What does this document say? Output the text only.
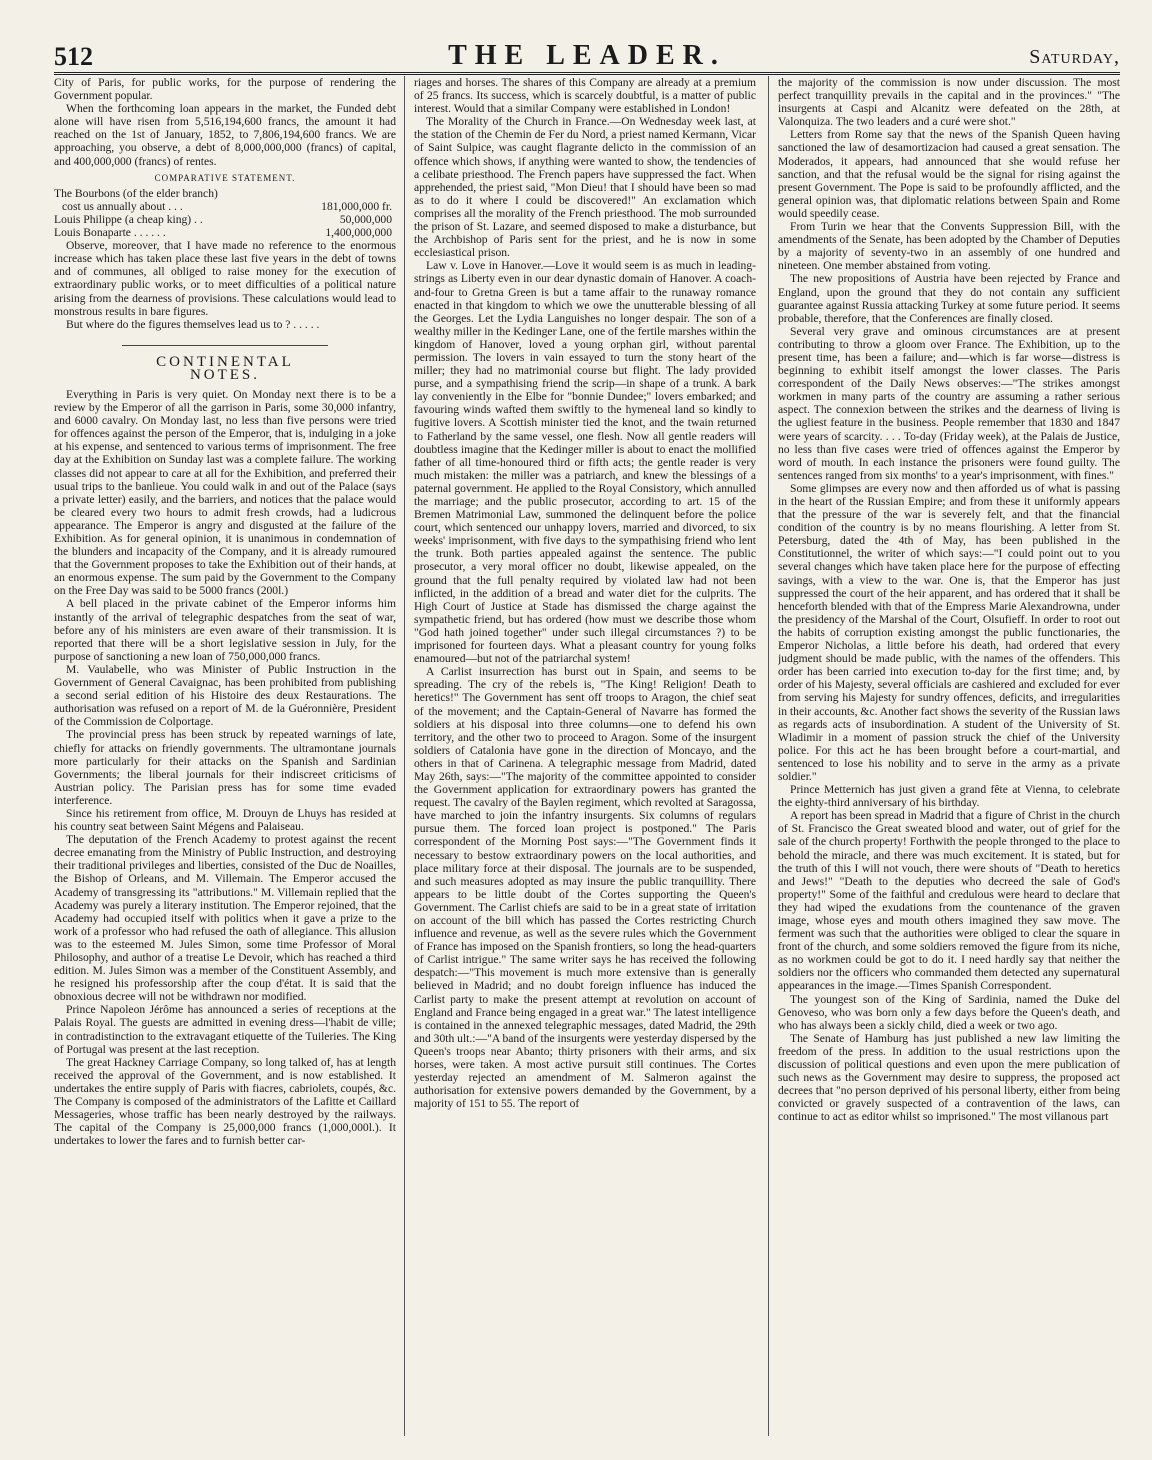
512	THE LEADER.	Saturday,

City of Paris, for public works, for the purpose of rendering the Government popular.

When the forthcoming loan appears in the market, the Funded debt alone will have risen from 5,516,194,600 francs, the amount it had reached on the 1st of January, 1852, to 7,806,194,600 francs. We are approaching, you observe, a debt of 8,000,000,000 (francs) of capital, and 400,000,000 (francs) of rentes.

COMPARATIVE STATEMENT.
The Bourbons (of the elder branch)	
cost us annually about . . .	181,000,000 fr.
Louis Philippe (a cheap king) . .	50,000,000
Louis Bonaparte . . . . . .	1,400,000,000

Observe, moreover, that I have made no reference to the enormous increase which has taken place these last five years in the debt of towns and of communes, all obliged to raise money for the execution of extraordinary public works, or to meet difficulties of a political nature arising from the dearness of provisions. These calculations would lead to monstrous results in bare figures.

But where do the figures themselves lead us to ? . . . . .

CONTINENTAL NOTES.

Everything in Paris is very quiet. On Monday next there is to be a review by the Emperor of all the garrison in Paris, some 30,000 infantry, and 6000 cavalry. On Monday last, no less than five persons were tried for offences against the person of the Emperor, that is, indulging in a joke at his expense, and sentenced to various terms of imprisonment. The free day at the Exhibition on Sunday last was a complete failure. The working classes did not appear to care at all for the Exhibition, and preferred their usual trips to the banlieue. You could walk in and out of the Palace (says a private letter) easily, and the barriers, and notices that the palace would be cleared every two hours to admit fresh crowds, had a ludicrous appearance. The Emperor is angry and disgusted at the failure of the Exhibition. As for general opinion, it is unanimous in condemnation of the blunders and incapacity of the Company, and it is already rumoured that the Government proposes to take the Exhibition out of their hands, at an enormous expense. The sum paid by the Government to the Company on the Free Day was said to be 5000 francs (200l.)

A bell placed in the private cabinet of the Emperor informs him instantly of the arrival of telegraphic despatches from the seat of war, before any of his ministers are even aware of their transmission. It is reported that there will be a short legislative session in July, for the purpose of sanctioning a new loan of 750,000,000 francs.

M. Vaulabelle, who was Minister of Public Instruction in the Government of General Cavaignac, has been prohibited from publishing a second serial edition of his Histoire des deux Restaurations. The authorisation was refused on a report of M. de la Guéronnière, President of the Commission de Colportage.

The provincial press has been struck by repeated warnings of late, chiefly for attacks on friendly governments. The ultramontane journals more particularly for their attacks on the Spanish and Sardinian Governments; the liberal journals for their indiscreet criticisms of Austrian policy. The Parisian press has for some time evaded interference.

Since his retirement from office, M. Drouyn de Lhuys has resided at his country seat between Saint Mégens and Palaiseau.

The deputation of the French Academy to protest against the recent decree emanating from the Ministry of Public Instruction, and destroying their traditional privileges and liberties, consisted of the Duc de Noailles, the Bishop of Orleans, and M. Villemain. The Emperor accused the Academy of transgressing its "attributions." M. Villemain replied that the Academy was purely a literary institution. The Emperor rejoined, that the Academy had occupied itself with politics when it gave a prize to the work of a professor who had refused the oath of allegiance. This allusion was to the esteemed M. Jules Simon, some time Professor of Moral Philosophy, and author of a treatise Le Devoir, which has reached a third edition. M. Jules Simon was a member of the Constituent Assembly, and he resigned his professorship after the coup d'état. It is said that the obnoxious decree will not be withdrawn nor modified.

Prince Napoleon Jérôme has announced a series of receptions at the Palais Royal. The guests are admitted in evening dress—l'habit de ville; in contradistinction to the extravagant etiquette of the Tuileries. The King of Portugal was present at the last reception.

The great Hackney Carriage Company, so long talked of, has at length received the approval of the Government, and is now established. It undertakes the entire supply of Paris with fiacres, cabriolets, coupés, &c. The Company is composed of the administrators of the Lafitte et Caillard Messageries, whose traffic has been nearly destroyed by the railways. The capital of the Company is 25,000,000 francs (1,000,000l.). It undertakes to lower the fares and to furnish better car-

riages and horses. The shares of this Company are already at a premium of 25 francs. Its success, which is scarcely doubtful, is a matter of public interest. Would that a similar Company were established in London!

The Morality of the Church in France.—On Wednesday week last, at the station of the Chemin de Fer du Nord, a priest named Kermann, Vicar of Saint Sulpice, was caught flagrante delicto in the commission of an offence which shows, if anything were wanted to show, the tendencies of a celibate priesthood. The French papers have suppressed the fact. When apprehended, the priest said, "Mon Dieu! that I should have been so mad as to do it where I could be discovered!" An exclamation which comprises all the morality of the French priesthood. The mob surrounded the prison of St. Lazare, and seemed disposed to make a disturbance, but the Archbishop of Paris sent for the priest, and he is now in some ecclesiastical prison.

Law v. Love in Hanover.—Love it would seem is as much in leading-strings as Liberty even in our dear dynastic domain of Hanover. A coach-and-four to Gretna Green is but a tame affair to the runaway romance enacted in that kingdom to which we owe the unutterable blessing of all the Georges. Let the Lydia Languishes no longer despair. The son of a wealthy miller in the Kedinger Lane, one of the fertile marshes within the kingdom of Hanover, loved a young orphan girl, without parental permission. The lovers in vain essayed to turn the stony heart of the miller; they had no matrimonial course but flight. The lady provided purse, and a sympathising friend the scrip—in shape of a trunk. A bark lay conveniently in the Elbe for "bonnie Dundee;" lovers embarked; and favouring winds wafted them swiftly to the hymeneal land so kindly to fugitive lovers. A Scottish minister tied the knot, and the twain returned to Fatherland by the same vessel, one flesh. Now all gentle readers will doubtless imagine that the Kedinger miller is about to enact the mollified father of all time-honoured third or fifth acts; the gentle reader is very much mistaken: the miller was a patriarch, and knew the blessings of a paternal government. He applied to the Royal Consistory, which annulled the marriage; and the public prosecutor, according to art. 15 of the Bremen Matrimonial Law, summoned the delinquent before the police court, which sentenced our unhappy lovers, married and divorced, to six weeks' imprisonment, with five days to the sympathising friend who lent the trunk. Both parties appealed against the sentence. The public prosecutor, a very moral officer no doubt, likewise appealed, on the ground that the full penalty required by violated law had not been inflicted, in the addition of a bread and water diet for the culprits. The High Court of Justice at Stade has dismissed the charge against the sympathetic friend, but has ordered (how must we describe those whom "God hath joined together" under such illegal circumstances ?) to be imprisoned for fourteen days. What a pleasant country for young folks enamoured—but not of the patriarchal system!

A Carlist insurrection has burst out in Spain, and seems to be spreading. The cry of the rebels is, "The King! Religion! Death to heretics!" The Government has sent off troops to Aragon, the chief seat of the movement; and the Captain-General of Navarre has formed the soldiers at his disposal into three columns—one to defend his own territory, and the other two to proceed to Aragon. Some of the insurgent soldiers of Catalonia have gone in the direction of Moncayo, and the others in that of Carinena. A telegraphic message from Madrid, dated May 26th, says:—"The majority of the committee appointed to consider the Government application for extraordinary powers has granted the request. The cavalry of the Baylen regiment, which revolted at Saragossa, have marched to join the infantry insurgents. Six columns of regulars pursue them. The forced loan project is postponed." The Paris correspondent of the Morning Post says:—"The Government finds it necessary to bestow extraordinary powers on the local authorities, and place military force at their disposal. The journals are to be suspended, and such measures adopted as may insure the public tranquillity. There appears to be little doubt of the Cortes supporting the Queen's Government. The Carlist chiefs are said to be in a great state of irritation on account of the bill which has passed the Cortes restricting Church influence and revenue, as well as the severe rules which the Government of France has imposed on the Spanish frontiers, so long the head-quarters of Carlist intrigue." The same writer says he has received the following despatch:—"This movement is much more extensive than is generally believed in Madrid; and no doubt foreign influence has induced the Carlist party to make the present attempt at revolution on account of England and France being engaged in a great war." The latest intelligence is contained in the annexed telegraphic messages, dated Madrid, the 29th and 30th ult.:—"A band of the insurgents were yesterday dispersed by the Queen's troops near Abanto; thirty prisoners with their arms, and six horses, were taken. A most active pursuit still continues. The Cortes yesterday rejected an amendment of M. Salmeron against the authorisation for extensive powers demanded by the Government, by a majority of 151 to 55. The report of

the majority of the commission is now under discussion. The most perfect tranquillity prevails in the capital and in the provinces." "The insurgents at Caspi and Alcanitz were defeated on the 28th, at Valonquiza. The two leaders and a curé were shot."

Letters from Rome say that the news of the Spanish Queen having sanctioned the law of desamortizacion had caused a great sensation. The Moderados, it appears, had announced that she would refuse her sanction, and that the refusal would be the signal for rising against the present Government. The Pope is said to be profoundly afflicted, and the general opinion was, that diplomatic relations between Spain and Rome would speedily cease.

From Turin we hear that the Convents Suppression Bill, with the amendments of the Senate, has been adopted by the Chamber of Deputies by a majority of seventy-two in an assembly of one hundred and nineteen. One member abstained from voting.

The new propositions of Austria have been rejected by France and England, upon the ground that they do not contain any sufficient guarantee against Russia attacking Turkey at some future period. It seems probable, therefore, that the Conferences are finally closed.

Several very grave and ominous circumstances are at present contributing to throw a gloom over France. The Exhibition, up to the present time, has been a failure; and—which is far worse—distress is beginning to exhibit itself amongst the lower classes. The Paris correspondent of the Daily News observes:—"The strikes amongst workmen in many parts of the country are assuming a rather serious aspect. The connexion between the strikes and the dearness of living is the ugliest feature in the business. People remember that 1830 and 1847 were years of scarcity. . . . To-day (Friday week), at the Palais de Justice, no less than five cases were tried of offences against the Emperor by word of mouth. In each instance the prisoners were found guilty. The sentences ranged from six months' to a year's imprisonment, with fines."

Some glimpses are every now and then afforded us of what is passing in the heart of the Russian Empire; and from these it uniformly appears that the pressure of the war is severely felt, and that the financial condition of the country is by no means flourishing. A letter from St. Petersburg, dated the 4th of May, has been published in the Constitutionnel, the writer of which says:—"I could point out to you several changes which have taken place here for the purpose of effecting savings, with a view to the war. One is, that the Emperor has just suppressed the court of the heir apparent, and has ordered that it shall be henceforth blended with that of the Empress Marie Alexandrowna, under the presidency of the Marshal of the Court, Olsufieff. In order to root out the habits of corruption existing amongst the public functionaries, the Emperor Nicholas, a little before his death, had ordered that every judgment should be made public, with the names of the offenders. This order has been carried into execution to-day for the first time; and, by order of his Majesty, several officials are cashiered and excluded for ever from serving his Majesty for sundry offences, deficits, and irregularities in their accounts, &c. Another fact shows the severity of the Russian laws as regards acts of insubordination. A student of the University of St. Wladimir in a moment of passion struck the chief of the University police. For this act he has been brought before a court-martial, and sentenced to lose his nobility and to serve in the army as a private soldier."

Prince Metternich has just given a grand fête at Vienna, to celebrate the eighty-third anniversary of his birthday.

A report has been spread in Madrid that a figure of Christ in the church of St. Francisco the Great sweated blood and water, out of grief for the sale of the church property! Forthwith the people thronged to the place to behold the miracle, and there was much excitement. It is stated, but for the truth of this I will not vouch, there were shouts of "Death to heretics and Jews!" "Death to the deputies who decreed the sale of God's property!" Some of the faithful and credulous were heard to declare that they had wiped the exudations from the countenance of the graven image, whose eyes and mouth others imagined they saw move. The ferment was such that the authorities were obliged to clear the square in front of the church, and some soldiers removed the figure from its niche, as no workmen could be got to do it. I need hardly say that neither the soldiers nor the officers who commanded them detected any supernatural appearances in the image.—Times Spanish Correspondent.

The youngest son of the King of Sardinia, named the Duke del Genoveso, who was born only a few days before the Queen's death, and who has always been a sickly child, died a week or two ago.

The Senate of Hamburg has just published a new law limiting the freedom of the press. In addition to the usual restrictions upon the discussion of political questions and even upon the mere publication of such news as the Government may desire to suppress, the proposed act decrees that "no person deprived of his personal liberty, either from being convicted or gravely suspected of a contravention of the laws, can continue to act as editor whilst so imprisoned." The most villanous part
